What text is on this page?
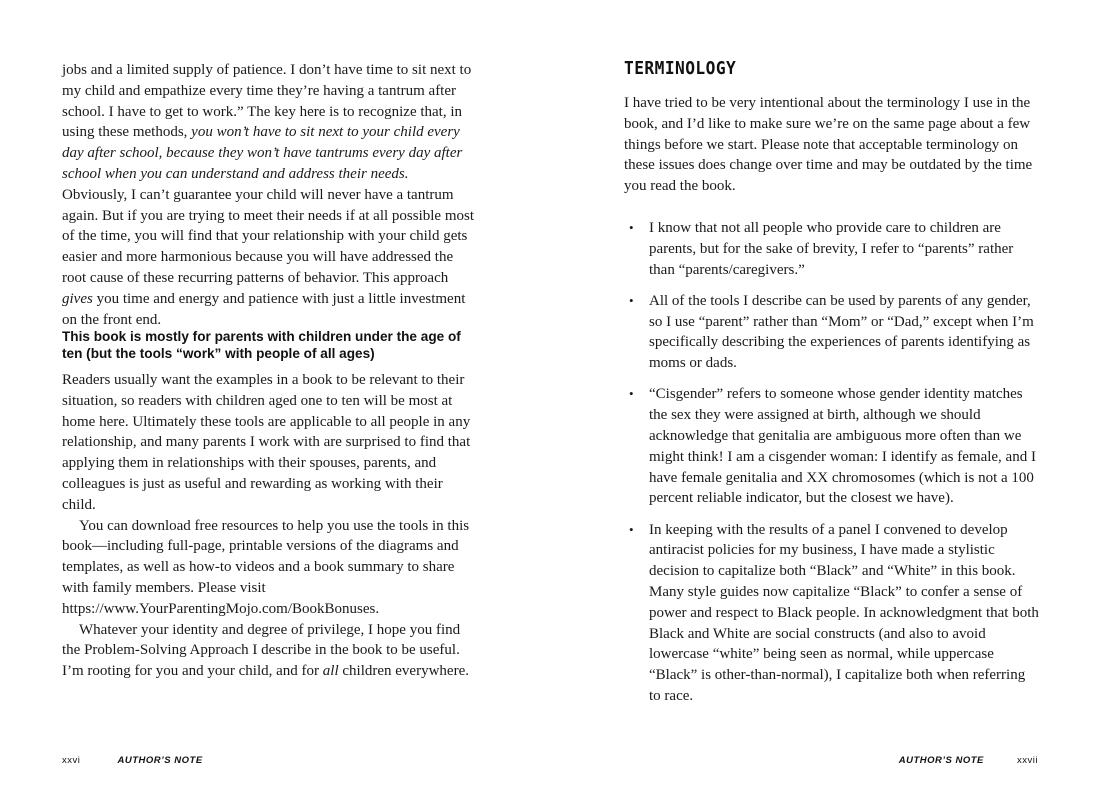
jobs and a limited supply of patience. I don’t have time to sit next to my child and empathize every time they’re having a tantrum after school. I have to get to work.” The key here is to recognize that, in using these methods, you won’t have to sit next to your child every day after school, because they won’t have tantrums every day after school when you can understand and address their needs. Obviously, I can’t guarantee your child will never have a tantrum again. But if you are trying to meet their needs if at all possible most of the time, you will find that your relationship with your child gets easier and more harmonious because you will have addressed the root cause of these recurring patterns of behavior. This approach gives you time and energy and patience with just a little investment on the front end.

This book is mostly for parents with children under the age of ten (but the tools “work” with people of all ages)

Readers usually want the examples in a book to be relevant to their situation, so readers with children aged one to ten will be most at home here. Ultimately these tools are applicable to all people in any relationship, and many parents I work with are surprised to find that applying them in relationships with their spouses, parents, and colleagues is just as useful and rewarding as working with their child.

You can download free resources to help you use the tools in this book—including full-page, printable versions of the diagrams and templates, as well as how-to videos and a book summary to share with family members. Please visit https://www.YourParentingMojo.com/BookBonuses.

Whatever your identity and degree of privilege, I hope you find the Problem-Solving Approach I describe in the book to be useful. I’m rooting for you and your child, and for all children everywhere.

xxvi	AUTHOR’S NOTE
TERMINOLOGY

I have tried to be very intentional about the terminology I use in the book, and I’d like to make sure we’re on the same page about a few things before we start. Please note that acceptable terminology on these issues does change over time and may be outdated by the time you read the book.

• I know that not all people who provide care to children are parents, but for the sake of brevity, I refer to “parents” rather than “parents/caregivers.”
• All of the tools I describe can be used by parents of any gender, so I use “parent” rather than “Mom” or “Dad,” except when I’m specifically describing the experiences of parents identifying as moms or dads.
• “Cisgender” refers to someone whose gender identity matches the sex they were assigned at birth, although we should acknowledge that genitalia are ambiguous more often than we might think! I am a cisgender woman: I identify as female, and I have female genitalia and XX chromosomes (which is not a 100 percent reliable indicator, but the closest we have).
• In keeping with the results of a panel I convened to develop antiracist policies for my business, I have made a stylistic decision to capitalize both “Black” and “White” in this book. Many style guides now capitalize “Black” to confer a sense of power and respect to Black people. In acknowledgment that both Black and White are social constructs (and also to avoid lowercase “white” being seen as normal, while uppercase “Black” is other-than-normal), I capitalize both when referring to race.
AUTHOR’S NOTE	xxvii
